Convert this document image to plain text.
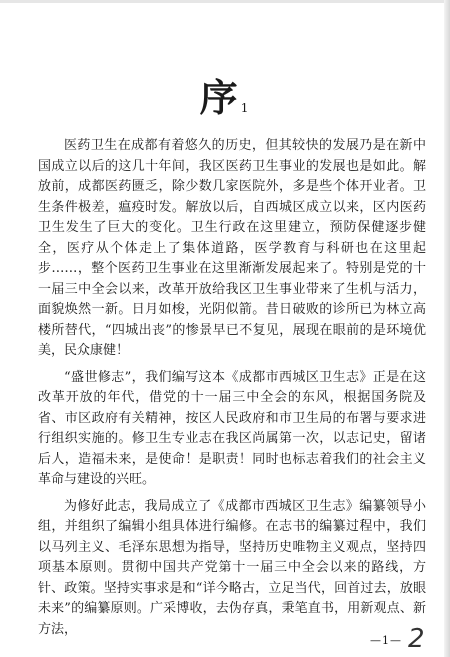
序$^1$

医药卫生在成都有着悠久的历史，但其较快的发展乃是在新中国成立以后的这几十年间，我区医药卫生事业的发展也是如此。解放前，成都医药匮乏，除少数几家医院外，多是些个体开业者。卫生条件极差，瘟疫时发。解放以后，自西城区成立以来，区内医药卫生发生了巨大的变化。卫生行政在这里建立，预防保健逐步健全，医疗从个体走上了集体道路，医学教育与科研也在这里起步……，整个医药卫生事业在这里渐渐发展起来了。特别是党的十一届三中全会以来，改革开放给我区卫生事业带来了生机与活力，面貌焕然一新。日月如梭，光阴似箭。昔日破败的诊所已为林立高楼所替代，“四城出丧”的惨景早已不复见，展现在眼前的是环境优美，民众康健！

“盛世修志”，我们编写这本《成都市西城区卫生志》正是在这改革开放的年代，借党的十一届三中全会的东风，根据国务院及省、市区政府有关精神，按区人民政府和市卫生局的布署与要求进行组织实施的。修卫生专业志在我区尚属第一次，以志记史，留诸后人，造福未来，是使命！是职责！同时也标志着我们的社会主义革命与建设的兴旺。

为修好此志，我局成立了《成都市西城区卫生志》编纂领导小组，并组织了编辑小组具体进行编修。在志书的编纂过程中，我们以马列主义、毛泽东思想为指导，坚持历史唯物主义观点，坚持四项基本原则。贯彻中国共产党第十一届三中全会以来的路线，方针、政策。坚持实事求是和“详今略古，立足当代，回首过去，放眼未来”的编纂原则。广采博收，去伪存真，秉笔直书，用新观点、新方法，

—1— 2
